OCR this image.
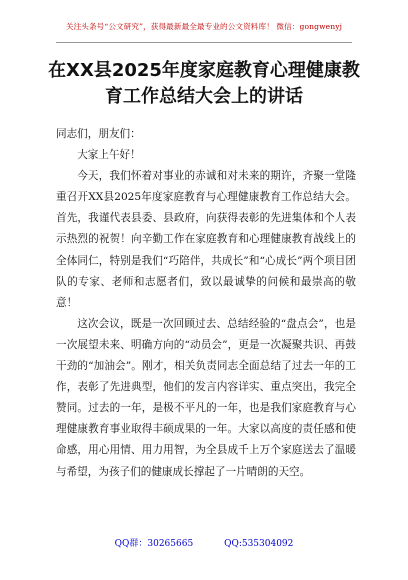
关注头条号“公文研究”，获得最新最全最专业的公文资料库！ 微信：gongwenyj
在XX县2025年度家庭教育心理健康教
育工作总结大会上的讲话

同志们，朋友们：

大家上午好！

今天，我们怀着对事业的赤诚和对未来的期许，齐聚一堂隆重召开XX县2025年度家庭教育与心理健康教育工作总结大会。首先，我谨代表县委、县政府，向获得表彰的先进集体和个人表示热烈的祝贺！向辛勤工作在家庭教育和心理健康教育战线上的全体同仁，特别是我们“巧陪伴，共成长”和“心成长”两个项目团队的专家、老师和志愿者们，致以最诚挚的问候和最崇高的敬意！

这次会议，既是一次回顾过去、总结经验的“盘点会”，也是一次展望未来、明确方向的“动员会”，更是一次凝聚共识、再鼓干劲的“加油会”。刚才，相关负责同志全面总结了过去一年的工作，表彰了先进典型，他们的发言内容详实、重点突出，我完全赞同。过去的一年，是极不平凡的一年，也是我们家庭教育与心理健康教育事业取得丰硕成果的一年。大家以高度的责任感和使命感，用心用情、用力用智，为全县成千上万个家庭送去了温暖与希望，为孩子们的健康成长撑起了一片晴朗的天空。

QQ群：30265665	QQ:535304092
